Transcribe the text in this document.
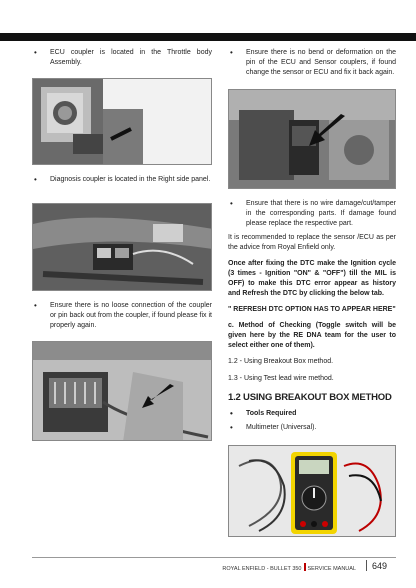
• ECU coupler is located in the Throttle body Assembly.
• Diagnosis coupler is located in the Right side panel.
• Ensure there is no loose connection of the coupler or pin back out from the coupler, if found please fix it properly again.
• Ensure there is no bend or deformation on the pin of the ECU and Sensor couplers, if found change the sensor or ECU and fix it back again.
• Ensure that there is no wire damage/cut/tamper in the corresponding parts. If damage found please replace the respective part.

It is recommended to replace the sensor /ECU as per the advice from Royal Enfield only.

Once after fixing the DTC make the Ignition cycle (3 times - Ignition "ON" & "OFF") till the MIL is OFF) to make this DTC error appear as history and Refresh the DTC by clicking the below tab.

" REFRESH DTC OPTION HAS TO APPEAR HERE"

c. Method of Checking (Toggle switch will be given here by the RE DNA team for the user to select either one of them).

1.2 - Using Breakout Box method.

1.3 - Using Test lead wire method.

1.2 USING BREAKOUT BOX METHOD
• Tools Required
• Multimeter (Universal).
ROYAL ENFIELD - BULLET 350 SERVICE MANUAL 649
